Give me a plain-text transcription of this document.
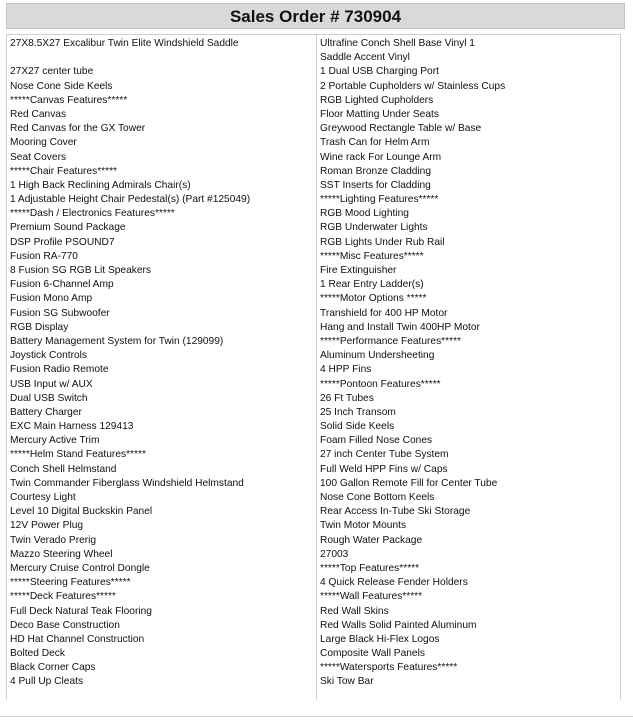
Sales Order # 730904
27X8.5X27 Excalibur Twin Elite Windshield Saddle
27X27 center tube
Nose Cone Side Keels
*****Canvas Features*****
Red Canvas
Red Canvas for the GX Tower
Mooring Cover
Seat Covers
*****Chair Features*****
1 High Back Reclining Admirals Chair(s)
1 Adjustable Height Chair Pedestal(s) (Part #125049)
*****Dash / Electronics Features*****
Premium Sound Package
DSP Profile PSOUND7
Fusion RA-770
8 Fusion SG RGB Lit Speakers
Fusion 6-Channel Amp
Fusion Mono Amp
Fusion SG Subwoofer
RGB Display
Battery Management System for Twin (129099)
Joystick Controls
Fusion Radio Remote
USB Input w/ AUX
Dual USB Switch
Battery Charger
EXC Main Harness 129413
Mercury Active Trim
*****Helm Stand Features*****
Conch Shell Helmstand
Twin Commander Fiberglass Windshield Helmstand
Courtesy Light
Level 10 Digital Buckskin Panel
12V Power Plug
Twin Verado Prerig
Mazzo Steering Wheel
Mercury Cruise Control Dongle
*****Steering Features*****
*****Deck Features*****
Full Deck Natural Teak Flooring
Deco Base Construction
HD Hat Channel Construction
Bolted Deck
Black Corner Caps
4 Pull Up Cleats
Ultrafine Conch Shell Base Vinyl 1
Saddle Accent Vinyl
1 Dual USB Charging Port
2 Portable Cupholders w/ Stainless Cups
RGB Lighted Cupholders
Floor Matting Under Seats
Greywood Rectangle Table w/ Base
Trash Can for Helm Arm
Wine rack For Lounge Arm
Roman Bronze Cladding
SST Inserts for Cladding
*****Lighting Features*****
RGB Mood Lighting
RGB Underwater Lights
RGB Lights Under Rub Rail
*****Misc Features*****
Fire Extinguisher
1 Rear Entry Ladder(s)
*****Motor Options *****
Transhield for 400 HP Motor
Hang and Install Twin 400HP Motor
*****Performance Features*****
Aluminum Undersheeting
4 HPP Fins
*****Pontoon Features*****
26 Ft Tubes
25 Inch Transom
Solid Side Keels
Foam Filled Nose Cones
27 inch Center Tube System
Full Weld HPP Fins w/ Caps
100 Gallon Remote Fill for Center Tube
Nose Cone Bottom Keels
Rear Access In-Tube Ski Storage
Twin Motor Mounts
Rough Water Package
27003
*****Top Features*****
4 Quick Release Fender Holders
*****Wall Features*****
Red Wall Skins
Red Walls Solid Painted Aluminum
Large Black Hi-Flex Logos
Composite Wall Panels
*****Watersports Features*****
Ski Tow Bar
